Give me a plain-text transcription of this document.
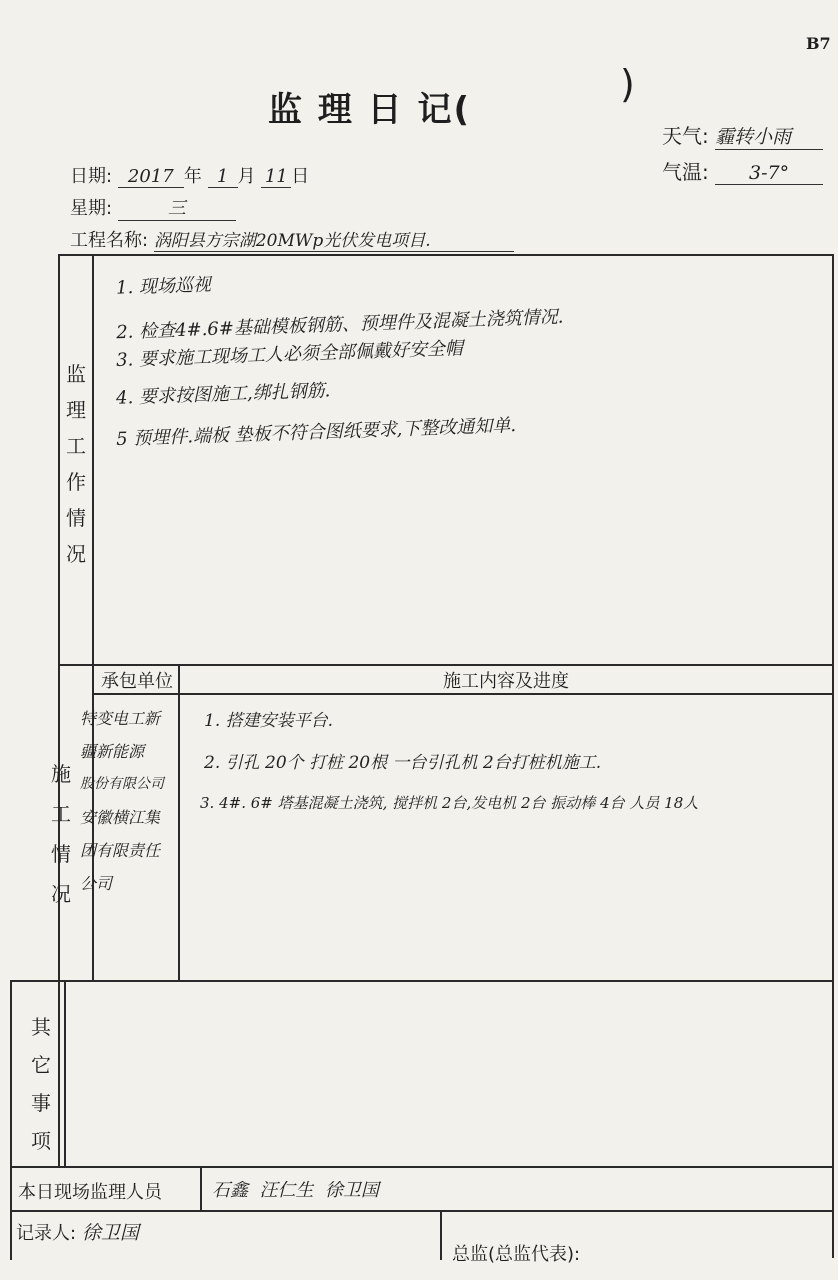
B7
监 理 日 记(
)
天气: 霾转小雨
气温: 3-7°
日期: 2017 年 1 月 11 日
星期:	三
工程名称: 涡阳县方宗湖20MWp光伏发电项目.
监
理
工
作
情
况
1. 现场巡视
2. 检查4#.6#基础模板钢筋、预埋件及混凝土浇筑情况.
3. 要求施工现场工人必须全部佩戴好安全帽
4. 要求按图施工,绑扎钢筋.
5 预埋件.端板 垫板不符合图纸要求,下整改通知单.
施
工
情
况
承包单位	施工内容及进度
特变电工新
疆新能源
股份有限公司
安徽横江集
团有限责任
公司
1. 搭建安装平台.
2. 引孔 20个 打桩 20根 一台引孔机 2台打桩机施工.
3. 4#. 6# 塔基混凝土浇筑, 搅拌机 2台,发电机 2台 振动棒 4台 人员 18人
其
它
事
项
本日现场监理人员	石鑫  汪仁生  徐卫国
记录人: 徐卫国
总监(总监代表):
